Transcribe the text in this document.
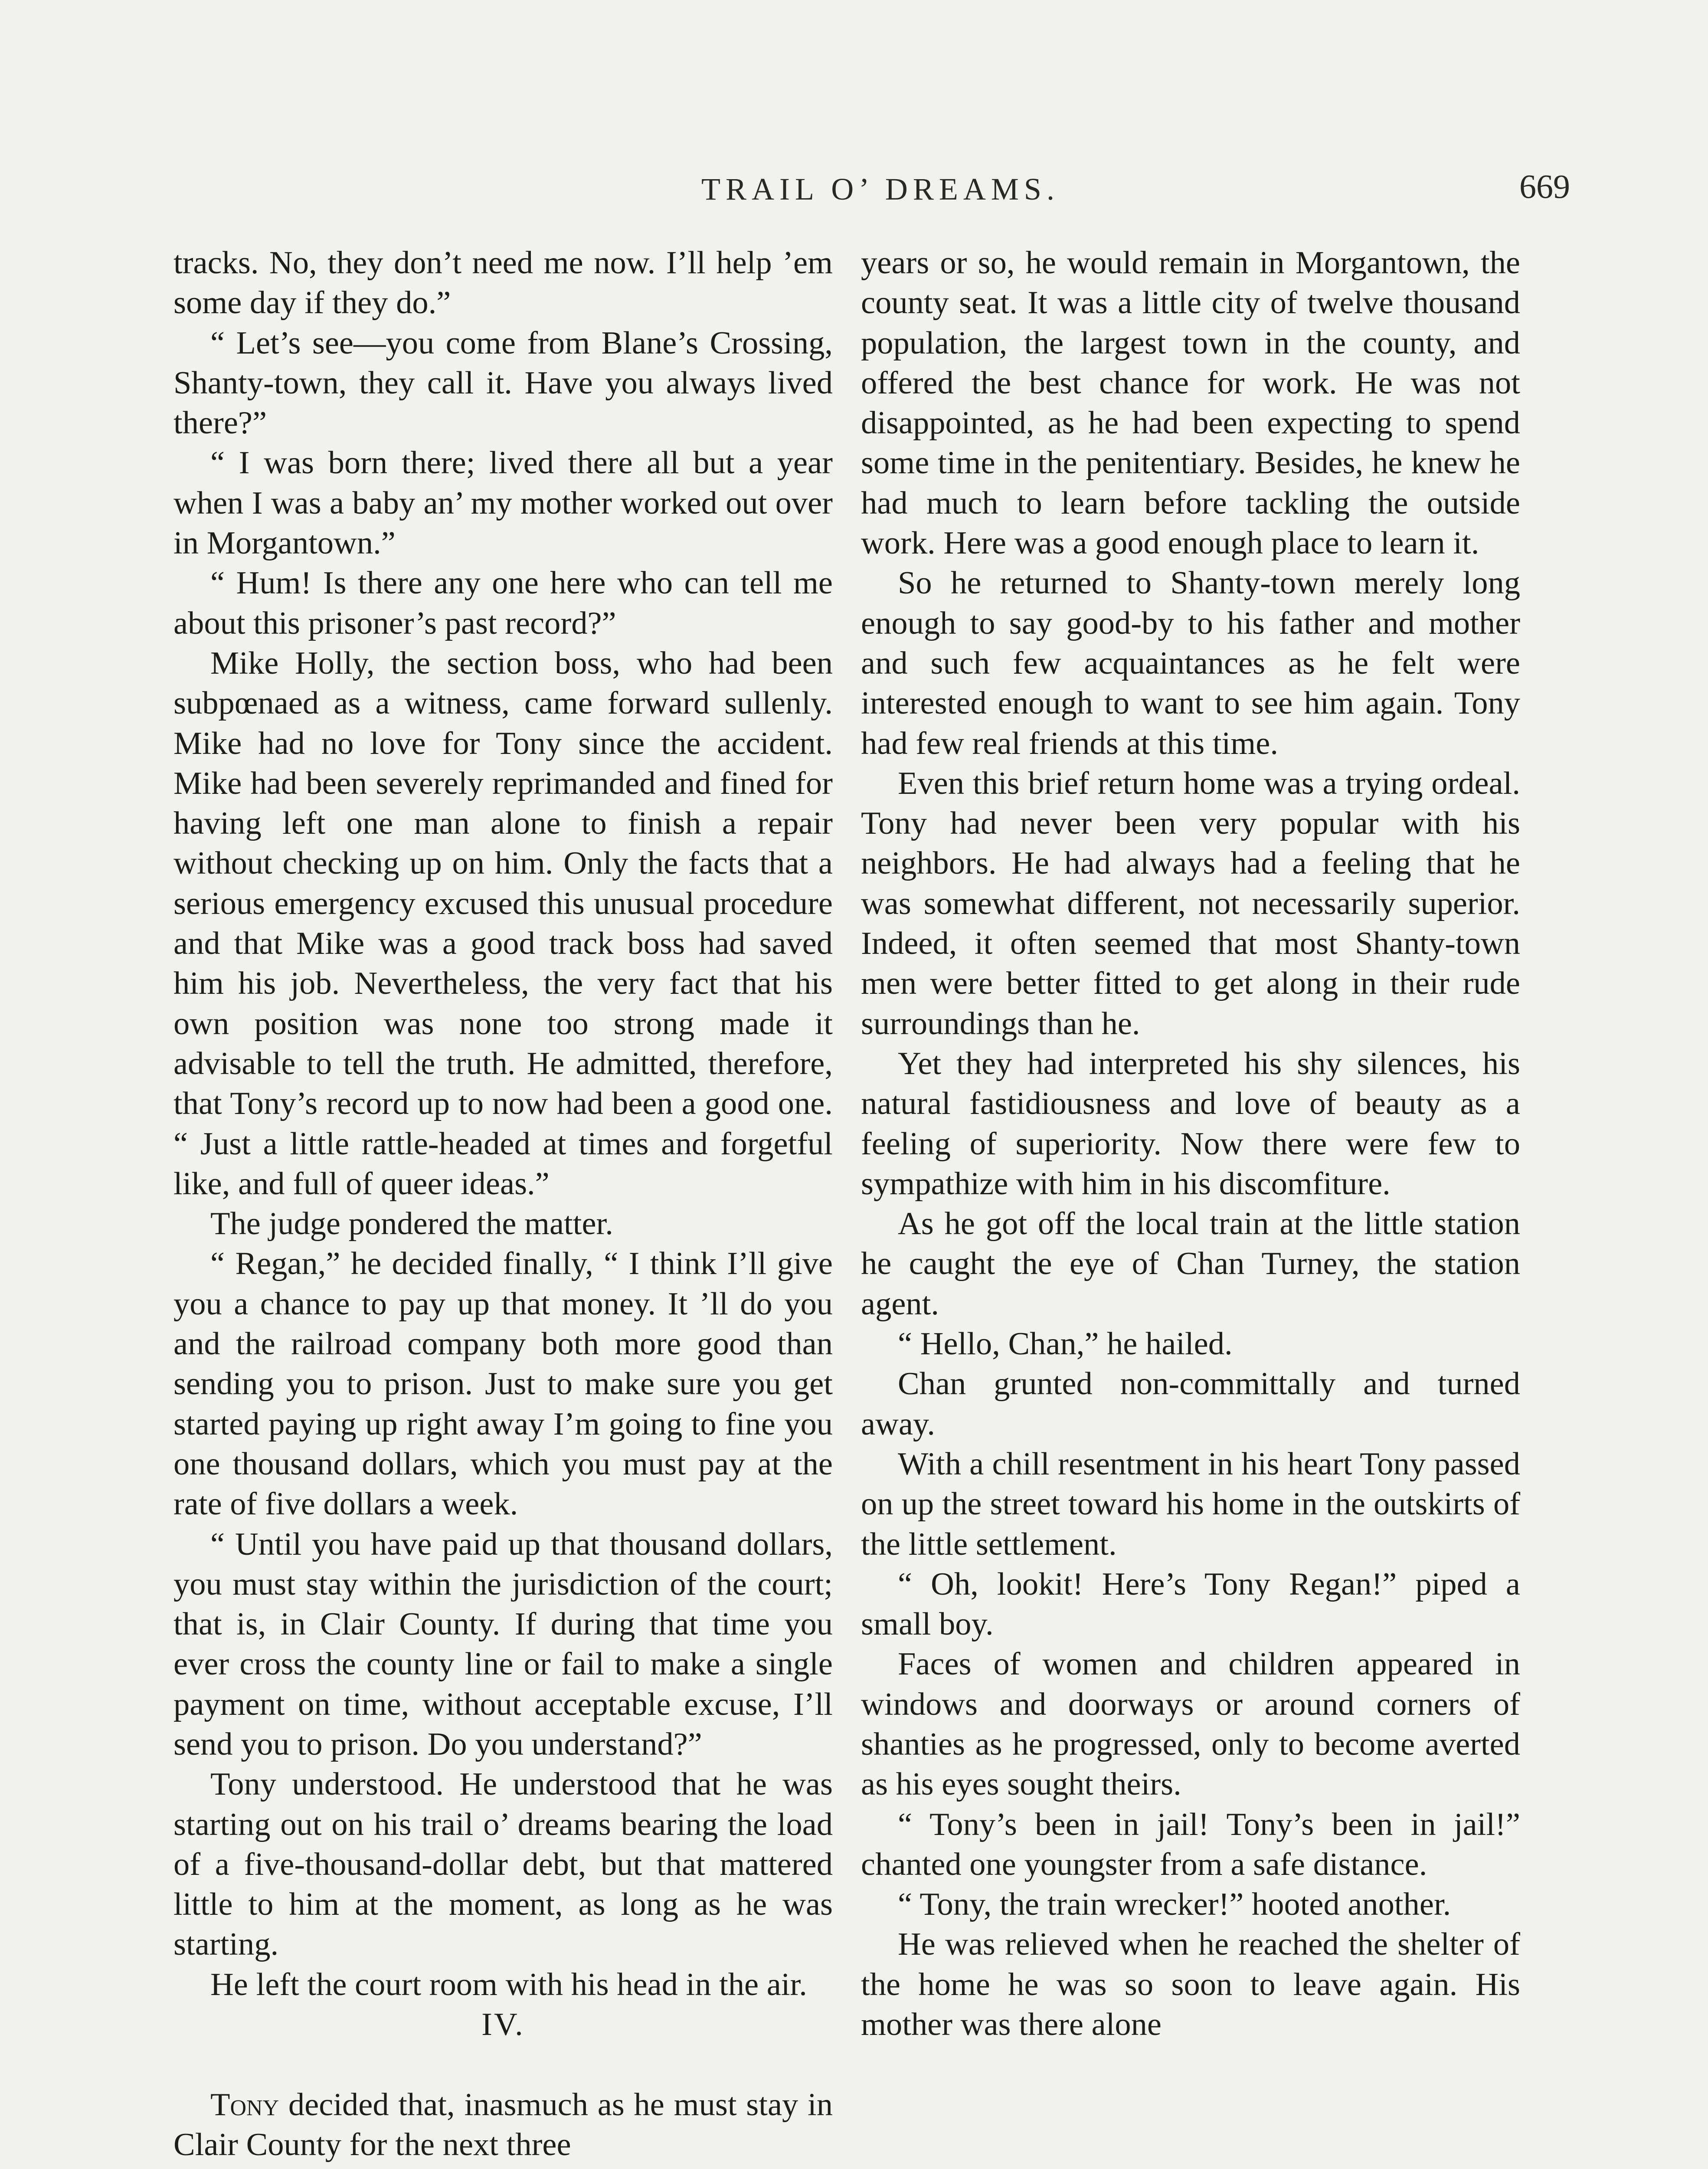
TRAIL O’ DREAMS.	669

tracks. No, they don’t need me now. I’ll help ’em some day if they do.”

“ Let’s see—you come from Blane’s Crossing, Shanty-town, they call it. Have you always lived there?”

“ I was born there; lived there all but a year when I was a baby an’ my mother worked out over in Morgantown.”

“ Hum! Is there any one here who can tell me about this prisoner’s past record?”

Mike Holly, the section boss, who had been subpœnaed as a witness, came forward sullenly. Mike had no love for Tony since the accident. Mike had been severely reprimanded and fined for having left one man alone to finish a repair without checking up on him. Only the facts that a serious emergency excused this unusual procedure and that Mike was a good track boss had saved him his job. Nevertheless, the very fact that his own position was none too strong made it advisable to tell the truth. He admitted, therefore, that Tony’s record up to now had been a good one. “ Just a little rattle-headed at times and forgetful like, and full of queer ideas.”

The judge pondered the matter.

“ Regan,” he decided finally, “ I think I’ll give you a chance to pay up that money. It ’ll do you and the railroad company both more good than sending you to prison. Just to make sure you get started paying up right away I’m going to fine you one thousand dollars, which you must pay at the rate of five dollars a week.

“ Until you have paid up that thousand dollars, you must stay within the jurisdiction of the court; that is, in Clair County. If during that time you ever cross the county line or fail to make a single payment on time, without acceptable excuse, I’ll send you to prison. Do you understand?”

Tony understood. He understood that he was starting out on his trail o’ dreams bearing the load of a five-thousand-dollar debt, but that mattered little to him at the moment, as long as he was starting.

He left the court room with his head in the air.

IV.

Tony decided that, inasmuch as he must stay in Clair County for the next three

years or so, he would remain in Morgantown, the county seat. It was a little city of twelve thousand population, the largest town in the county, and offered the best chance for work. He was not disappointed, as he had been expecting to spend some time in the penitentiary. Besides, he knew he had much to learn before tackling the outside work. Here was a good enough place to learn it.

So he returned to Shanty-town merely long enough to say good-by to his father and mother and such few acquaintances as he felt were interested enough to want to see him again. Tony had few real friends at this time.

Even this brief return home was a trying ordeal. Tony had never been very popular with his neighbors. He had always had a feeling that he was somewhat different, not necessarily superior. Indeed, it often seemed that most Shanty-town men were better fitted to get along in their rude surroundings than he.

Yet they had interpreted his shy silences, his natural fastidiousness and love of beauty as a feeling of superiority. Now there were few to sympathize with him in his discomfiture.

As he got off the local train at the little station he caught the eye of Chan Turney, the station agent.

“ Hello, Chan,” he hailed.

Chan grunted non-committally and turned away.

With a chill resentment in his heart Tony passed on up the street toward his home in the outskirts of the little settlement.

“ Oh, lookit! Here’s Tony Regan!” piped a small boy.

Faces of women and children appeared in windows and doorways or around corners of shanties as he progressed, only to become averted as his eyes sought theirs.

“ Tony’s been in jail! Tony’s been in jail!” chanted one youngster from a safe distance.

“ Tony, the train wrecker!” hooted another.

He was relieved when he reached the shelter of the home he was so soon to leave again. His mother was there alone
